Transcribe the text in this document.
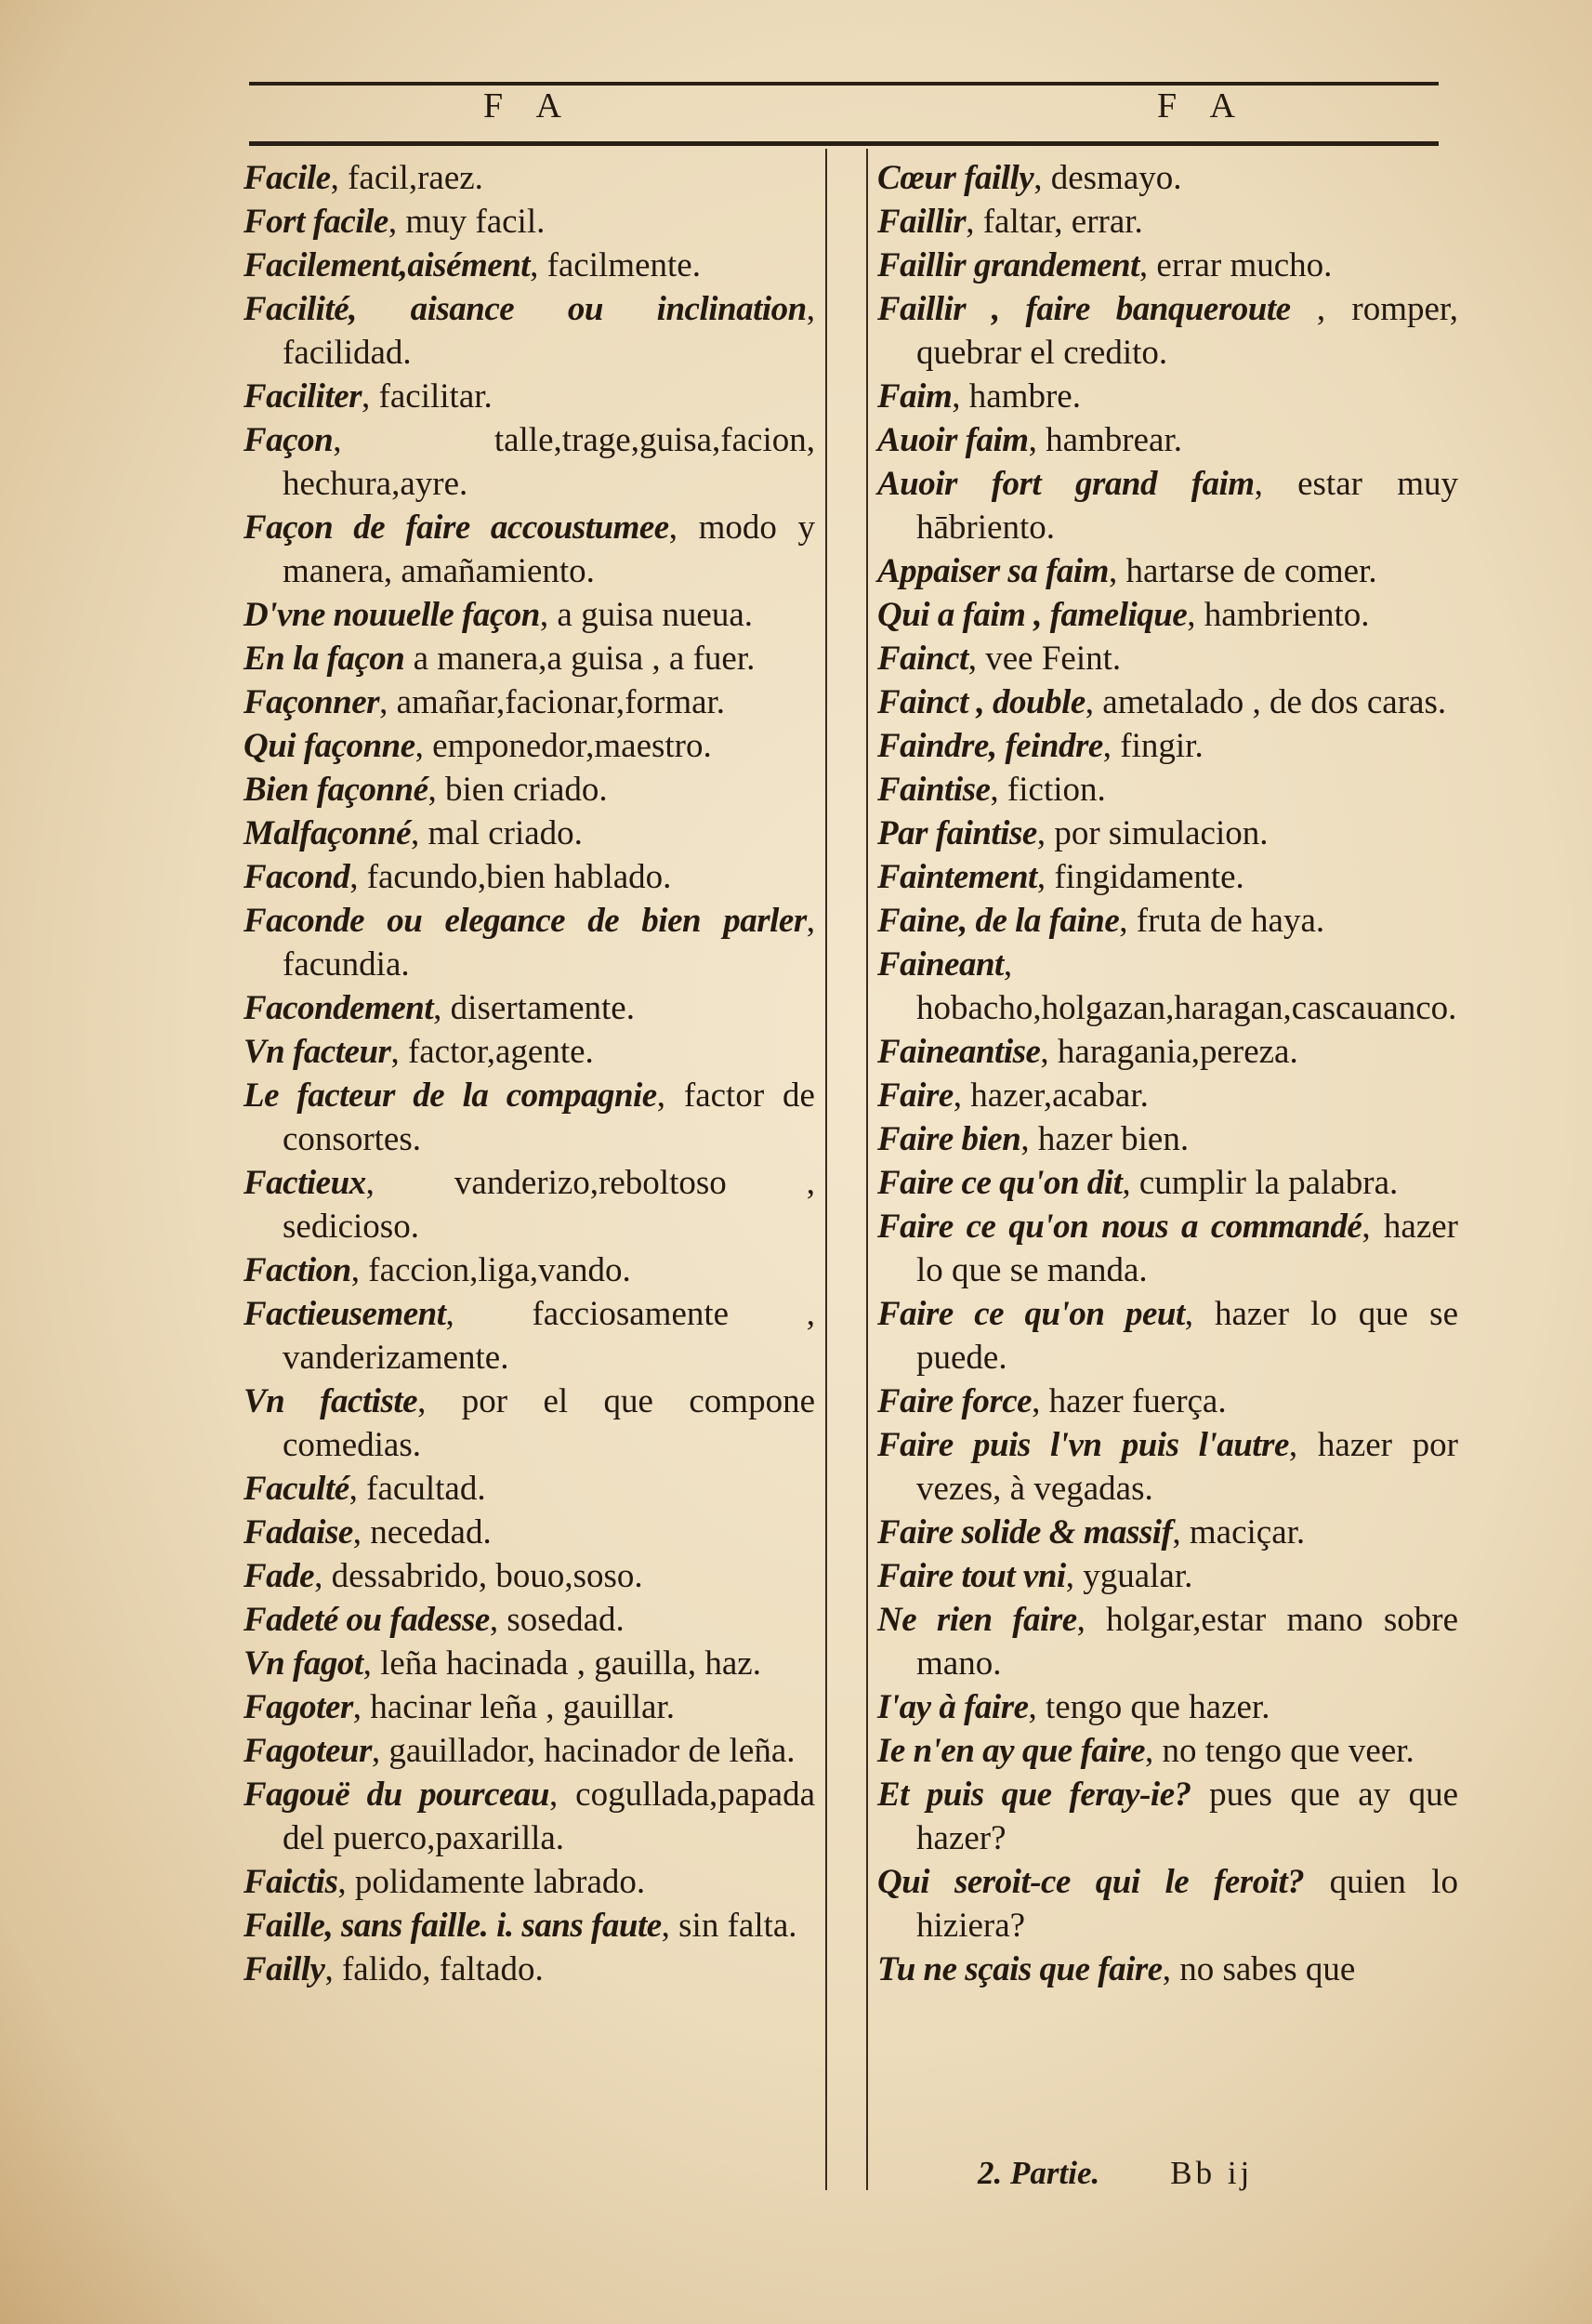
F A	F A
Facile, facil,raez.
Fort facile, muy facil.
Facilement,aisément, facilmente.
Facilité, aisance ou inclination, facilidad.
Faciliter, facilitar.
Façon, talle,trage,guisa,facion, hechura,ayre.
Façon de faire accoustumee, modo y manera, amañamiento.
D'vne nouuelle façon, a guisa nueua.
En la façon a manera,a guisa , a fuer.
Façonner, amañar,facionar,formar.
Qui façonne, emponedor,maestro.
Bien façonné, bien criado.
Malfaçonné, mal criado.
Facond, facundo,bien hablado.
Faconde ou elegance de bien parler, facundia.
Facondement, disertamente.
Vn facteur, factor,agente.
Le facteur de la compagnie, factor de consortes.
Factieux, vanderizo,reboltoso , sedicioso.
Faction, faccion,liga,vando.
Factieusement, facciosamente , vanderizamente.
Vn factiste, por el que compone comedias.
Faculté, facultad.
Fadaise, necedad.
Fade, dessabrido, bouo,soso.
Fadeté ou fadesse, sosedad.
Vn fagot, leña hacinada , gauilla, haz.
Fagoter, hacinar leña , gauillar.
Fagoteur, gauillador, hacinador de leña.
Fagouë du pourceau, cogullada,papada del puerco,paxarilla.
Faictis, polidamente labrado.
Faille, sans faille. i. sans faute, sin falta.
Failly, falido, faltado.
Cœur failly, desmayo.
Faillir, faltar, errar.
Faillir grandement, errar mucho.
Faillir , faire banqueroute , romper, quebrar el credito.
Faim, hambre.
Auoir faim, hambrear.
Auoir fort grand faim, estar muy hābriento.
Appaiser sa faim, hartarse de comer.
Qui a faim , famelique, hambriento.
Fainct, vee Feint.
Fainct , double, ametalado , de dos caras.
Faindre, feindre, fingir.
Faintise, fiction.
Par faintise, por simulacion.
Faintement, fingidamente.
Faine, de la faine, fruta de haya.
Faineant, hobacho,holgazan,haragan,cascauanco.
Faineantise, haragania,pereza.
Faire, hazer,acabar.
Faire bien, hazer bien.
Faire ce qu'on dit, cumplir la palabra.
Faire ce qu'on nous a commandé, hazer lo que se manda.
Faire ce qu'on peut, hazer lo que se puede.
Faire force, hazer fuerça.
Faire puis l'vn puis l'autre, hazer por vezes, à vegadas.
Faire solide & massif, maciçar.
Faire tout vni, ygualar.
Ne rien faire, holgar,estar mano sobre mano.
I'ay à faire, tengo que hazer.
Ie n'en ay que faire, no tengo que veer.
Et puis que feray-ie? pues que ay que hazer?
Qui seroit-ce qui le feroit? quien lo hiziera?
Tu ne sçais que faire, no sabes que
2. Partie. Bb ij
